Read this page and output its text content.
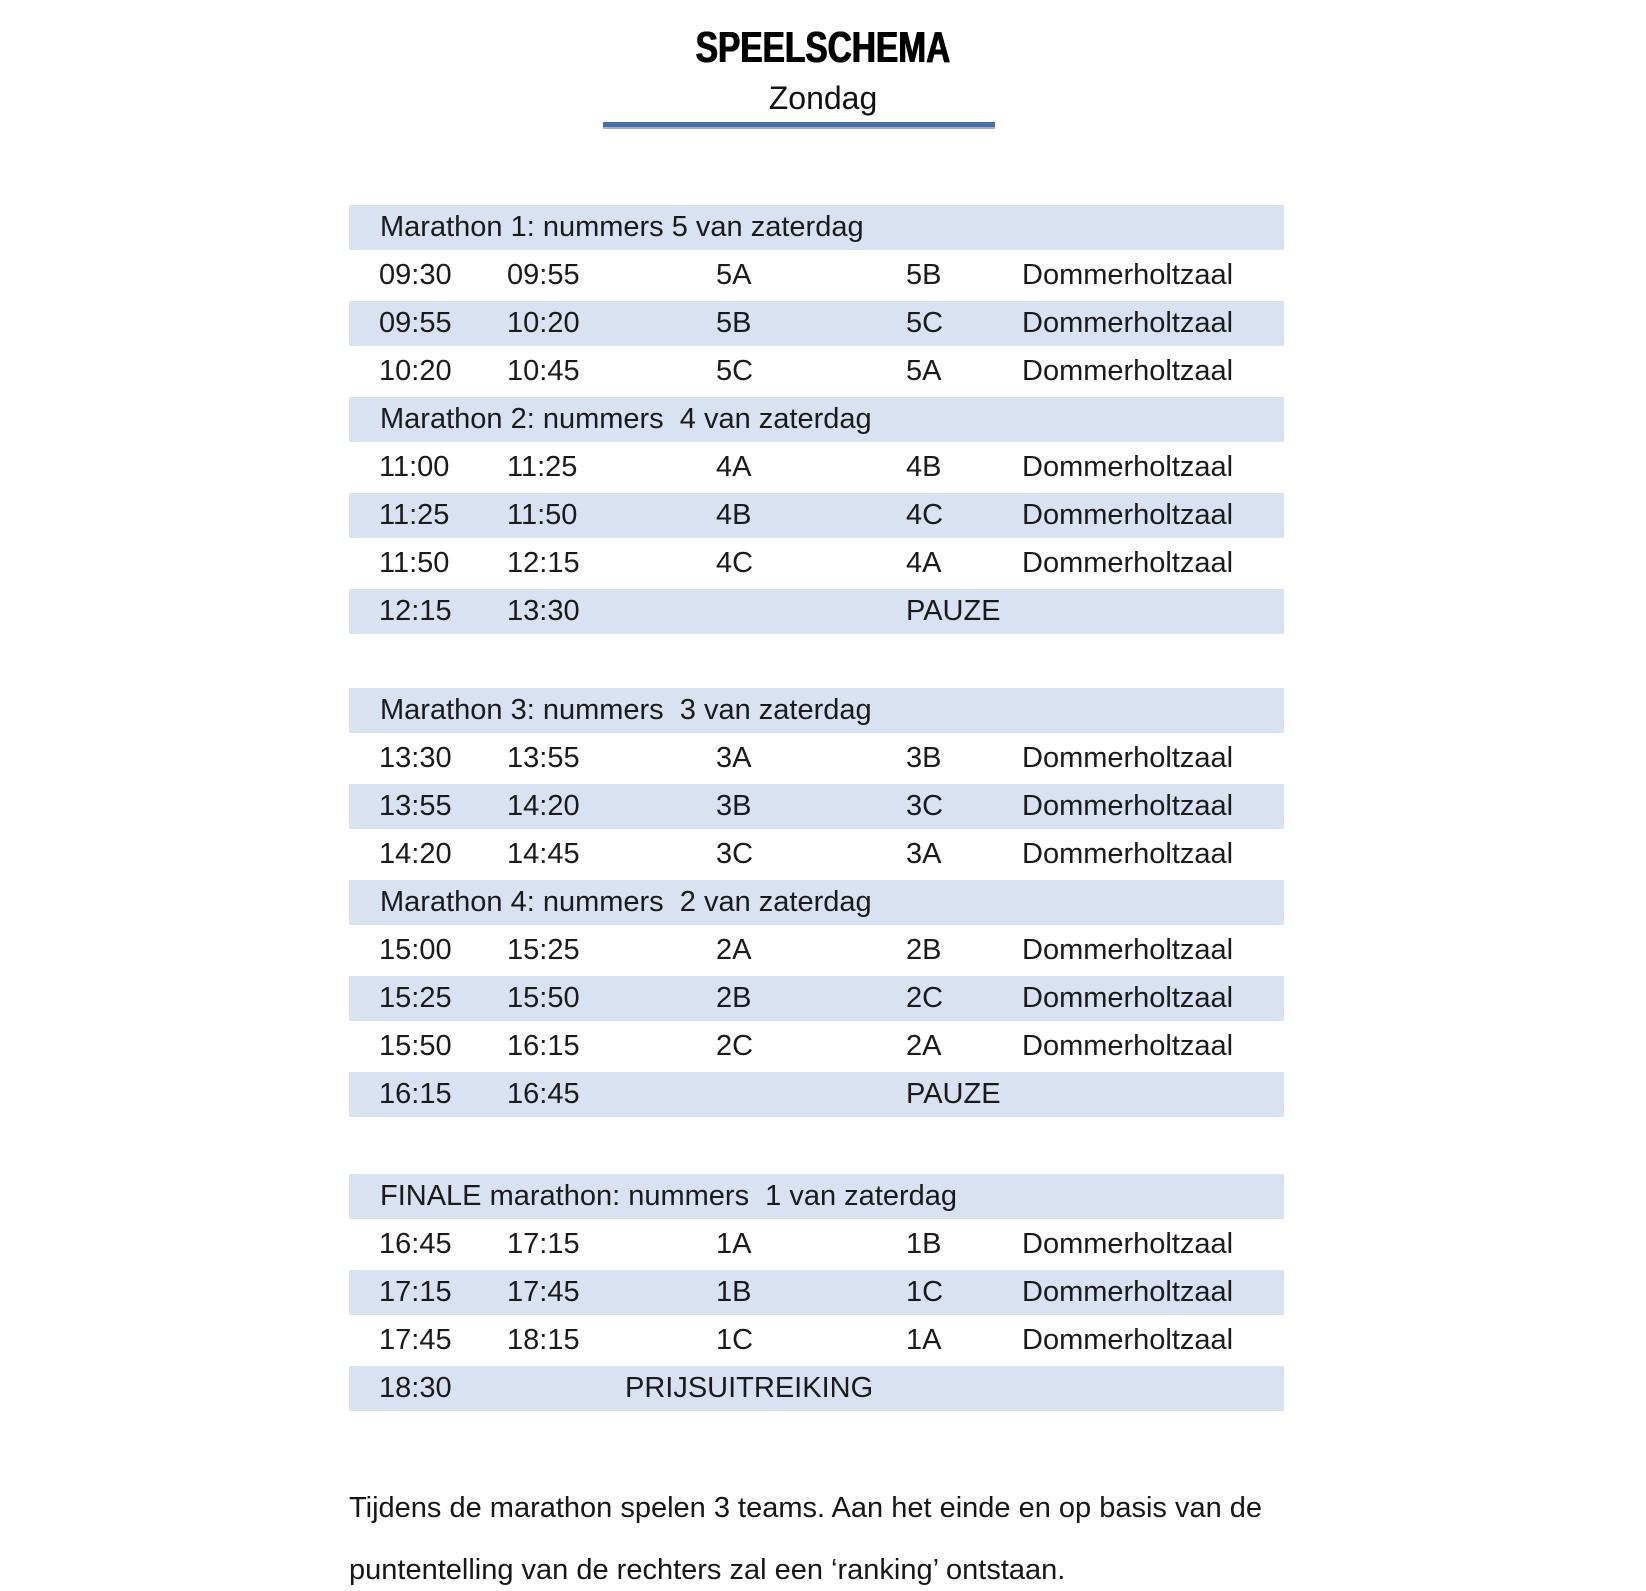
SPEELSCHEMA
Zondag
Marathon 1: nummers 5 van zaterdag
09:30 09:55	5A	5B	Dommerholtzaal
09:55 10:20	5B	5C	Dommerholtzaal
10:20 10:45	5C	5A	Dommerholtzaal
Marathon 2: nummers  4 van zaterdag
11:00 11:25	4A	4B	Dommerholtzaal
11:25 11:50	4B	4C	Dommerholtzaal
11:50 12:15	4C	4A	Dommerholtzaal
12:15 13:30	PAUZE
Marathon 3: nummers  3 van zaterdag
13:30 13:55	3A	3B	Dommerholtzaal
13:55 14:20	3B	3C	Dommerholtzaal
14:20 14:45	3C	3A	Dommerholtzaal
Marathon 4: nummers  2 van zaterdag
15:00 15:25	2A	2B	Dommerholtzaal
15:25 15:50	2B	2C	Dommerholtzaal
15:50 16:15	2C	2A	Dommerholtzaal
16:15 16:45	PAUZE
FINALE marathon: nummers  1 van zaterdag
16:45 17:15	1A	1B	Dommerholtzaal
17:15 17:45	1B	1C	Dommerholtzaal
17:45 18:15	1C	1A	Dommerholtzaal
18:30	PRIJSUITREIKING

Tijdens de marathon spelen 3 teams. Aan het einde en op basis van de
puntentelling van de rechters zal een ‘ranking’ ontstaan.
